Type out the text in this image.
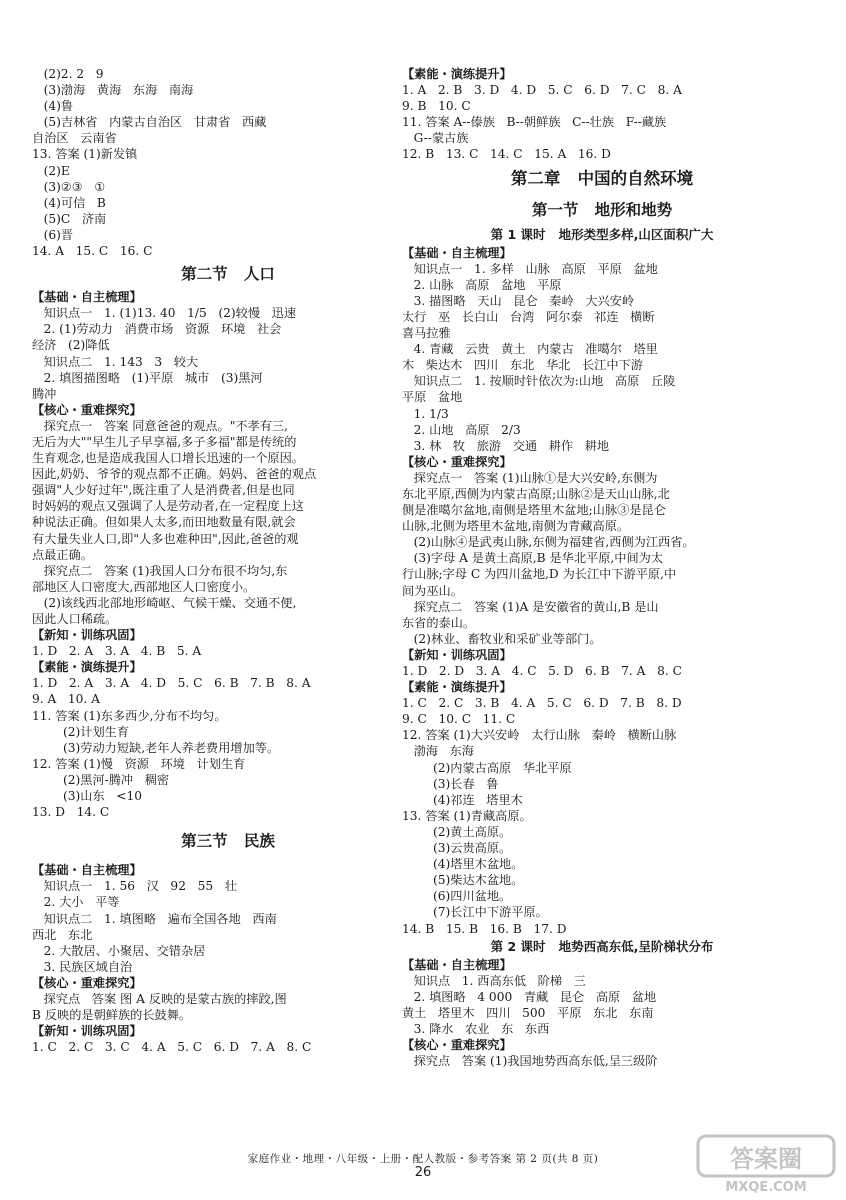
(2)2. 2   9
(3)渤海   黄海   东海   南海
(4)鲁
(5)吉林省   内蒙古自治区   甘肃省   西藏
自治区   云南省
13. 答案 (1)新发镇
(2)E
(3)②③   ①
(4)可信   B
(5)C   济南
(6)晋
14. A   15. C   16. C
第二节   人口
【基础・自主梳理】
知识点一   1. (1)13. 40   1/5   (2)较慢   迅速
2. (1)劳动力   消费市场   资源   环境   社会
经济   (2)降低
知识点二   1. 143   3   较大
2. 填图描图略   (1)平原   城市   (3)黑河
腾冲
【核心・重难探究】
探究点一   答案 同意爸爸的观点。"不孝有三,
无后为大""早生儿子早享福,多子多福"都是传统的
生育观念,也是造成我国人口增长迅速的一个原因。
因此,奶奶、爷爷的观点都不正确。妈妈、爸爸的观点
强调"人少好过年",既注重了人是消费者,但是也同
时妈妈的观点又强调了人是劳动者,在一定程度上这
种说法正确。但如果人太多,而田地数量有限,就会
有大量失业人口,即"人多也难种田",因此,爸爸的观
点最正确。
探究点二   答案 (1)我国人口分布很不均匀,东
部地区人口密度大,西部地区人口密度小。
(2)该线西北部地形崎岖、气候干燥、交通不便,
因此人口稀疏。
【新知・训练巩固】
1. D   2. A   3. A   4. B   5. A
【素能・演练提升】
1. D   2. A   3. A   4. D   5. C   6. B   7. B   8. A
9. A   10. A
11. 答案 (1)东多西少,分布不均匀。
(2)计划生育
(3)劳动力短缺,老年人养老费用增加等。
12. 答案 (1)慢   资源   环境   计划生育
(2)黑河-腾冲   稠密
(3)山东   <10
13. D   14. C
第三节   民族
【基础・自主梳理】
知识点一   1. 56   汉   92   55   壮
2. 大小   平等
知识点二   1. 填图略   遍布全国各地   西南
西北   东北
2. 大散居、小聚居、交错杂居
3. 民族区域自治
【核心・重难探究】
探究点   答案 图 A 反映的是蒙古族的摔跤,图
B 反映的是朝鲜族的长鼓舞。
【新知・训练巩固】
1. C   2. C   3. C   4. A   5. C   6. D   7. A   8. C
【素能・演练提升】
1. A   2. B   3. D   4. D   5. C   6. D   7. C   8. A
9. B   10. C
11. 答案 A--傣族   B--朝鲜族   C--壮族   F--藏族
G--蒙古族
12. B   13. C   14. C   15. A   16. D
第二章   中国的自然环境
第一节   地形和地势
第 1 课时   地形类型多样,山区面积广大
【基础・自主梳理】
知识点一   1. 多样   山脉   高原   平原   盆地
2. 山脉   高原   盆地   平原
3. 描图略   天山   昆仑   秦岭   大兴安岭
太行   巫   长白山   台湾   阿尔泰   祁连   横断
喜马拉雅
4. 青藏   云贵   黄土   内蒙古   准噶尔   塔里
木   柴达木   四川   东北   华北   长江中下游
知识点二   1. 按顺时针依次为:山地   高原   丘陵
平原   盆地
1. 1/3
2. 山地   高原   2/3
3. 林   牧   旅游   交通   耕作   耕地
【核心・重难探究】
探究点一   答案 (1)山脉①是大兴安岭,东侧为
东北平原,西侧为内蒙古高原;山脉②是天山山脉,北
侧是准噶尔盆地,南侧是塔里木盆地;山脉③是昆仑
山脉,北侧为塔里木盆地,南侧为青藏高原。
(2)山脉④是武夷山脉,东侧为福建省,西侧为江西省。
(3)字母 A 是黄土高原,B 是华北平原,中间为太
行山脉;字母 C 为四川盆地,D 为长江中下游平原,中
间为巫山。
探究点二   答案 (1)A 是安徽省的黄山,B 是山
东省的泰山。
(2)林业、畜牧业和采矿业等部门。
【新知・训练巩固】
1. D   2. D   3. A   4. C   5. D   6. B   7. A   8. C
【素能・演练提升】
1. C   2. C   3. B   4. A   5. C   6. D   7. B   8. D
9. C   10. C   11. C
12. 答案 (1)大兴安岭   太行山脉   秦岭   横断山脉
渤海   东海
(2)内蒙古高原   华北平原
(3)长春   鲁
(4)祁连   塔里木
13. 答案 (1)青藏高原。
(2)黄土高原。
(3)云贵高原。
(4)塔里木盆地。
(5)柴达木盆地。
(6)四川盆地。
(7)长江中下游平原。
14. B   15. B   16. B   17. D
第 2 课时   地势西高东低,呈阶梯状分布
【基础・自主梳理】
知识点   1. 西高东低   阶梯   三
2. 填图略   4 000   青藏   昆仑   高原   盆地
黄土   塔里木   四川   500   平原   东北   东南
3. 降水   农业   东   东西
【核心・重难探究】
探究点   答案 (1)我国地势西高东低,呈三级阶
家庭作业・地理・八年级・上册・配人教版・参考答案 第 2 页(共 8 页)
26	答案圈
MXQE.COM
